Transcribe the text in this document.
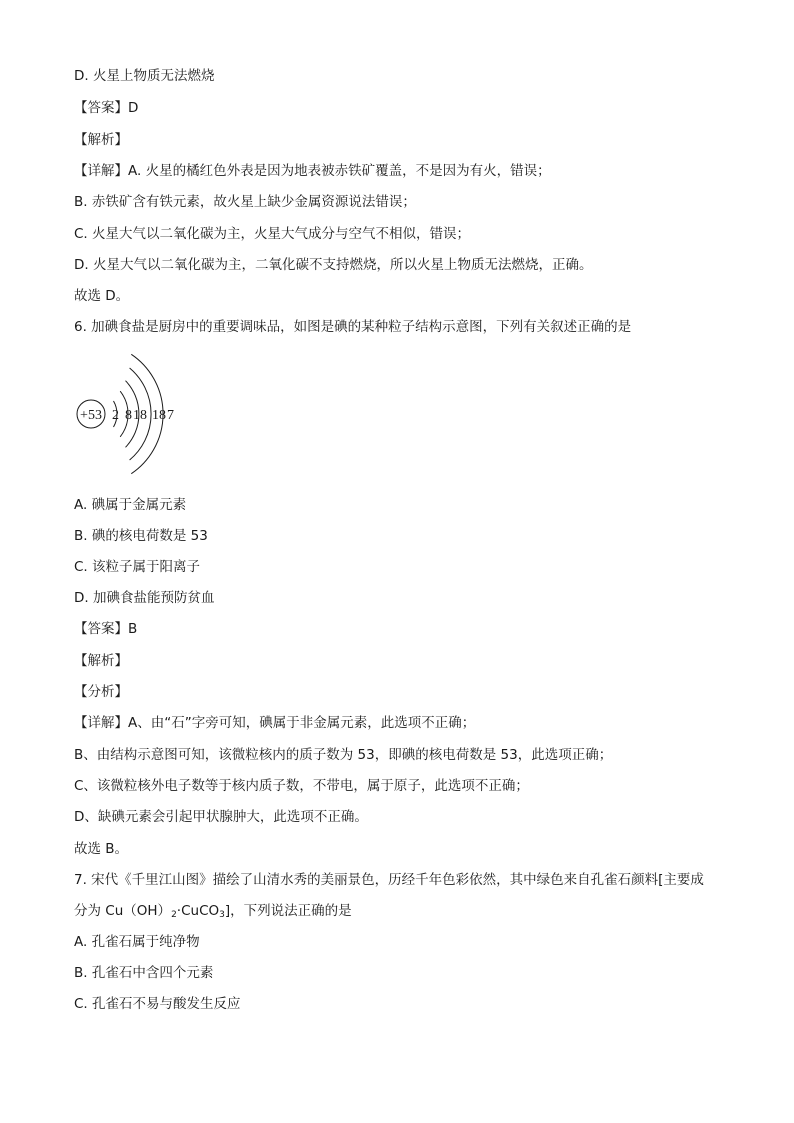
D. 火星上物质无法燃烧
【答案】D
【解析】
【详解】A. 火星的橘红色外表是因为地表被赤铁矿覆盖，不是因为有火，错误；
B. 赤铁矿含有铁元素，故火星上缺少金属资源说法错误；
C. 火星大气以二氧化碳为主，火星大气成分与空气不相似，错误；
D. 火星大气以二氧化碳为主，二氧化碳不支持燃烧，所以火星上物质无法燃烧，正确。
故选 D。
6. 加碘食盐是厨房中的重要调味品，如图是碘的某种粒子结构示意图，下列有关叙述正确的是
+53 2 8 18 18 7
A. 碘属于金属元素
B. 碘的核电荷数是 53
C. 该粒子属于阳离子
D. 加碘食盐能预防贫血
【答案】B
【解析】
【分析】
【详解】A、由“石”字旁可知，碘属于非金属元素，此选项不正确；
B、由结构示意图可知，该微粒核内的质子数为 53，即碘的核电荷数是 53，此选项正确；
C、该微粒核外电子数等于核内质子数，不带电，属于原子，此选项不正确；
D、缺碘元素会引起甲状腺肿大，此选项不正确。
故选 B。
7. 宋代《千里江山图》描绘了山清水秀的美丽景色，历经千年色彩依然，其中绿色来自孔雀石颜料[主要成
分为 $Cu(OH)_2\cdot CuCO_3$]，下列说法正确的是
A. 孔雀石属于纯净物
B. 孔雀石中含四个元素
C. 孔雀石不易与酸发生反应
